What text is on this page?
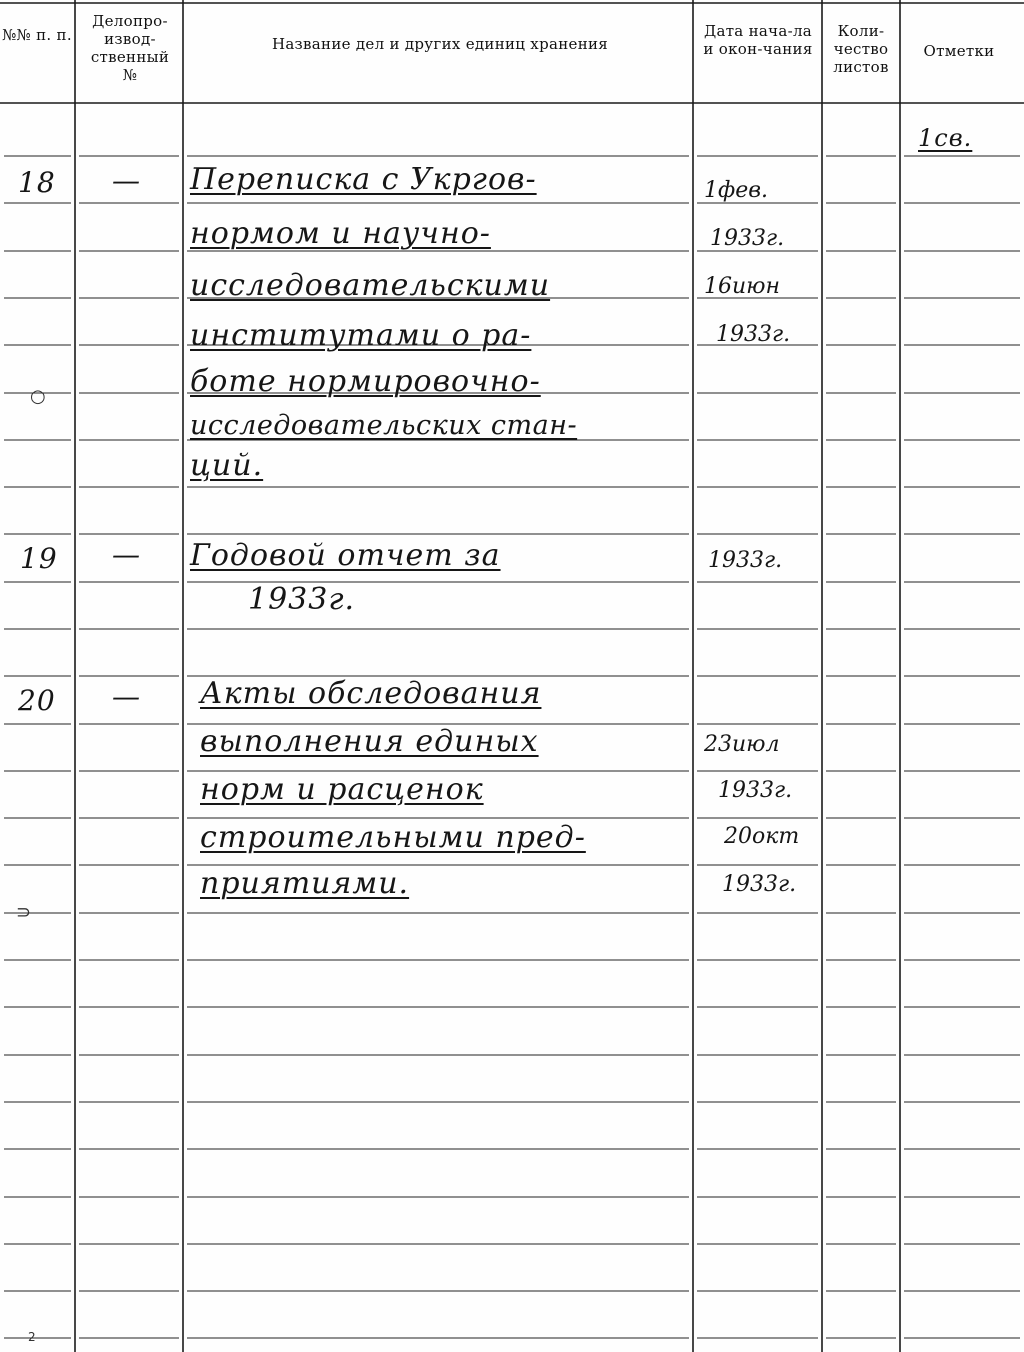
№№ п. п.
Делопро-извод-ственный №
Название дел и других единиц хранения
Дата нача-ла и окон-чания
Коли-чество листов
Отметки
1св.
18 — Переписка с Укргов-
нормом и научно-
исследовательскими
институтами о ра-
боте нормировочно-
исследовательских стан-
ций.
1фев.
1933г.
16июн
1933г.
19 — Годовой отчет за
1933г.
1933г.
20 — Акты обследования
выполнения единых
норм и расценок
строительными пред-
приятиями.
23июл
1933г.
20окт
1933г.
○
⊃
2
